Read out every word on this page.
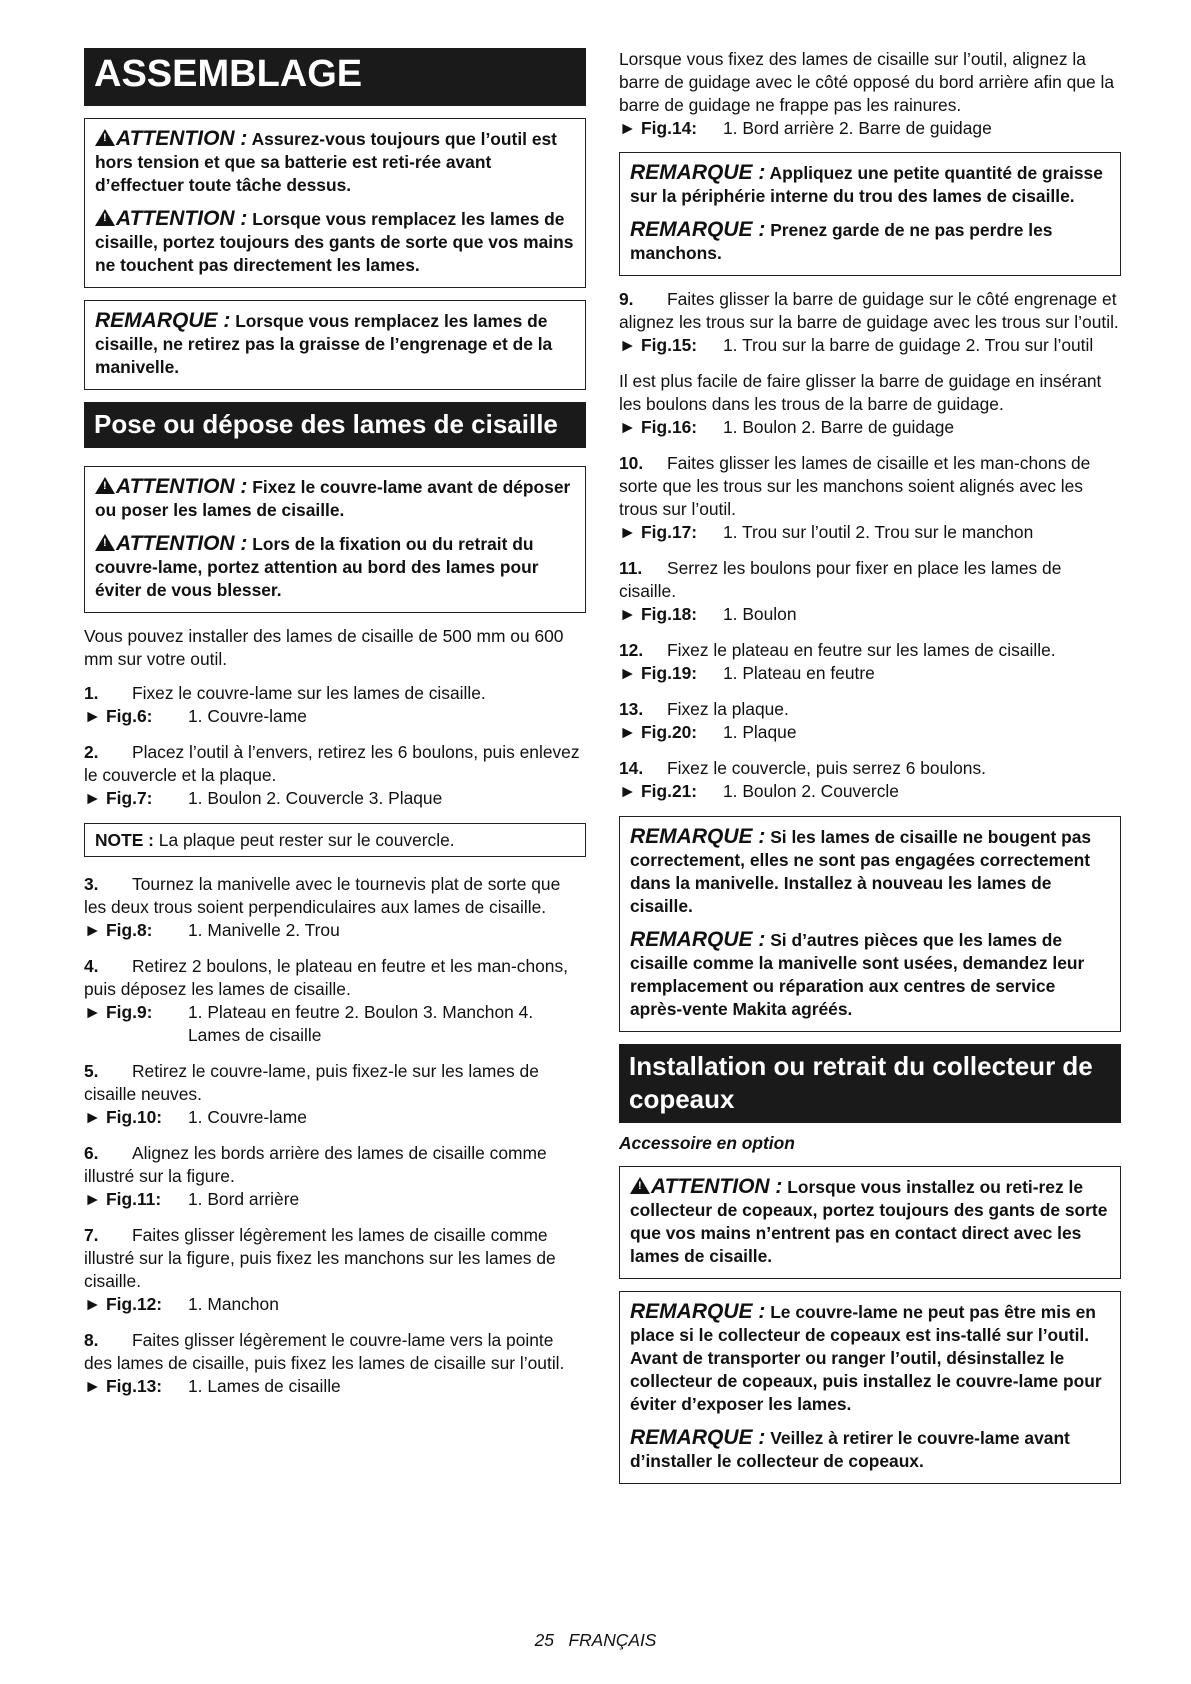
ASSEMBLAGE
!ATTENTION : Assurez-vous toujours que l’outil est hors tension et que sa batterie est reti-rée avant d’effectuer toute tâche dessus.
!ATTENTION : Lorsque vous remplacez les lames de cisaille, portez toujours des gants de sorte que vos mains ne touchent pas directement les lames.
REMARQUE : Lorsque vous remplacez les lames de cisaille, ne retirez pas la graisse de l’engrenage et de la manivelle.
Pose ou dépose des lames de cisaille
!ATTENTION : Fixez le couvre-lame avant de déposer ou poser les lames de cisaille.
!ATTENTION : Lors de la fixation ou du retrait du couvre-lame, portez attention au bord des lames pour éviter de vous blesser.

Vous pouvez installer des lames de cisaille de 500 mm ou 600 mm sur votre outil.

1. Fixez le couvre-lame sur les lames de cisaille.
► Fig.6:	1. Couvre-lame
2. Placez l’outil à l’envers, retirez les 6 boulons, puis enlevez le couvercle et la plaque.
► Fig.7:	1. Boulon 2. Couvercle 3. Plaque
NOTE : La plaque peut rester sur le couvercle.
3. Tournez la manivelle avec le tournevis plat de sorte que les deux trous soient perpendiculaires aux lames de cisaille.
► Fig.8:	1. Manivelle 2. Trou
4. Retirez 2 boulons, le plateau en feutre et les man-chons, puis déposez les lames de cisaille.
► Fig.9:	1. Plateau en feutre 2. Boulon 3. Manchon 4. Lames de cisaille
5. Retirez le couvre-lame, puis fixez-le sur les lames de cisaille neuves.
► Fig.10:	1. Couvre-lame
6. Alignez les bords arrière des lames de cisaille comme illustré sur la figure.
► Fig.11:	1. Bord arrière
7. Faites glisser légèrement les lames de cisaille comme illustré sur la figure, puis fixez les manchons sur les lames de cisaille.
► Fig.12:	1. Manchon
8. Faites glisser légèrement le couvre-lame vers la pointe des lames de cisaille, puis fixez les lames de cisaille sur l’outil.
► Fig.13:	1. Lames de cisaille

Lorsque vous fixez des lames de cisaille sur l’outil, alignez la barre de guidage avec le côté opposé du bord arrière afin que la barre de guidage ne frappe pas les rainures.

► Fig.14:	1. Bord arrière 2. Barre de guidage
REMARQUE : Appliquez une petite quantité de graisse sur la périphérie interne du trou des lames de cisaille.
REMARQUE : Prenez garde de ne pas perdre les manchons.
9. Faites glisser la barre de guidage sur le côté engrenage et alignez les trous sur la barre de guidage avec les trous sur l’outil.
► Fig.15:	1. Trou sur la barre de guidage 2. Trou sur l’outil

Il est plus facile de faire glisser la barre de guidage en insérant les boulons dans les trous de la barre de guidage.

► Fig.16:	1. Boulon 2. Barre de guidage
10. Faites glisser les lames de cisaille et les man-chons de sorte que les trous sur les manchons soient alignés avec les trous sur l’outil.
► Fig.17:	1. Trou sur l’outil 2. Trou sur le manchon
11. Serrez les boulons pour fixer en place les lames de cisaille.
► Fig.18:	1. Boulon
12. Fixez le plateau en feutre sur les lames de cisaille.
► Fig.19:	1. Plateau en feutre
13. Fixez la plaque.
► Fig.20:	1. Plaque
14. Fixez le couvercle, puis serrez 6 boulons.
► Fig.21:	1. Boulon 2. Couvercle
REMARQUE : Si les lames de cisaille ne bougent pas correctement, elles ne sont pas engagées correctement dans la manivelle. Installez à nouveau les lames de cisaille.
REMARQUE : Si d’autres pièces que les lames de cisaille comme la manivelle sont usées, demandez leur remplacement ou réparation aux centres de service après-vente Makita agréés.
Installation ou retrait du collecteur de copeaux
Accessoire en option
!ATTENTION : Lorsque vous installez ou reti-rez le collecteur de copeaux, portez toujours des gants de sorte que vos mains n’entrent pas en contact direct avec les lames de cisaille.
REMARQUE : Le couvre-lame ne peut pas être mis en place si le collecteur de copeaux est ins-tallé sur l’outil. Avant de transporter ou ranger l’outil, désinstallez le collecteur de copeaux, puis installez le couvre-lame pour éviter d’exposer les lames.
REMARQUE : Veillez à retirer le couvre-lame avant d’installer le collecteur de copeaux.
25   FRANÇAIS
